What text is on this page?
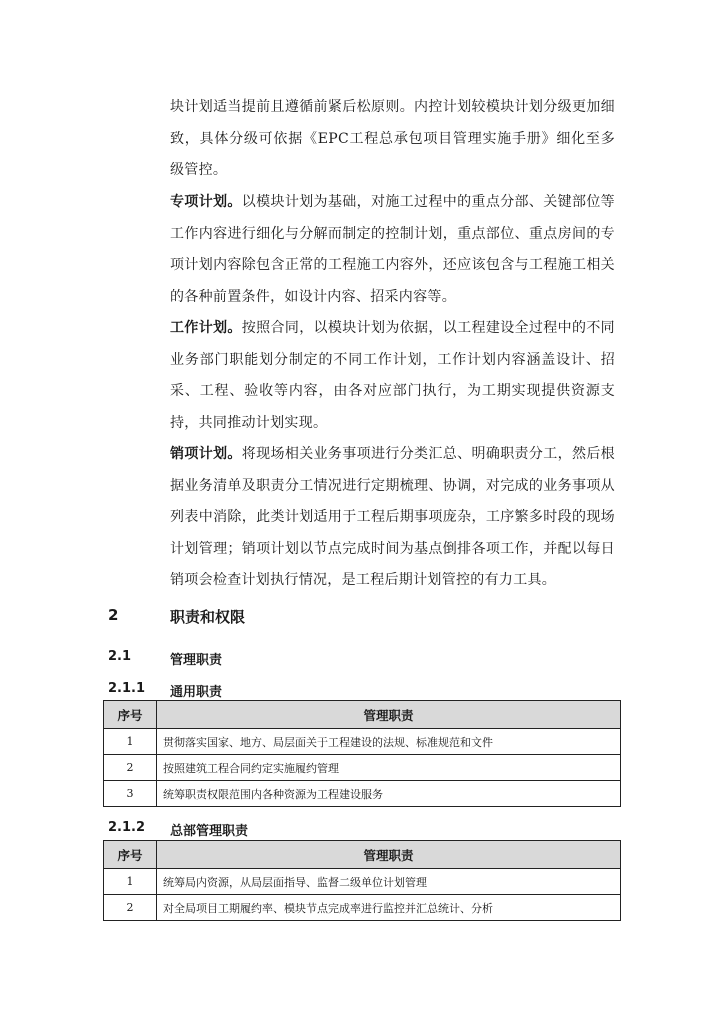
块计划适当提前且遵循前紧后松原则。内控计划较模块计划分级更加细致，具体分级可依据《EPC工程总承包项目管理实施手册》细化至多级管控。

专项计划。以模块计划为基础，对施工过程中的重点分部、关键部位等工作内容进行细化与分解而制定的控制计划，重点部位、重点房间的专项计划内容除包含正常的工程施工内容外，还应该包含与工程施工相关的各种前置条件，如设计内容、招采内容等。

工作计划。按照合同，以模块计划为依据，以工程建设全过程中的不同业务部门职能划分制定的不同工作计划，工作计划内容涵盖设计、招采、工程、验收等内容，由各对应部门执行，为工期实现提供资源支持，共同推动计划实现。

销项计划。将现场相关业务事项进行分类汇总、明确职责分工，然后根据业务清单及职责分工情况进行定期梳理、协调，对完成的业务事项从列表中消除，此类计划适用于工程后期事项庞杂，工序繁多时段的现场计划管理；销项计划以节点完成时间为基点倒排各项工作，并配以每日销项会检查计划执行情况，是工程后期计划管控的有力工具。

2	职责和权限
2.1	管理职责
2.1.1 通用职责
序号	管理职责
1	贯彻落实国家、地方、局层面关于工程建设的法规、标准规范和文件
2	按照建筑工程合同约定实施履约管理
3	统筹职责权限范围内各种资源为工程建设服务
2.1.2 总部管理职责
序号	管理职责
1	统筹局内资源，从局层面指导、监督二级单位计划管理
2	对全局项目工期履约率、模块节点完成率进行监控并汇总统计、分析
